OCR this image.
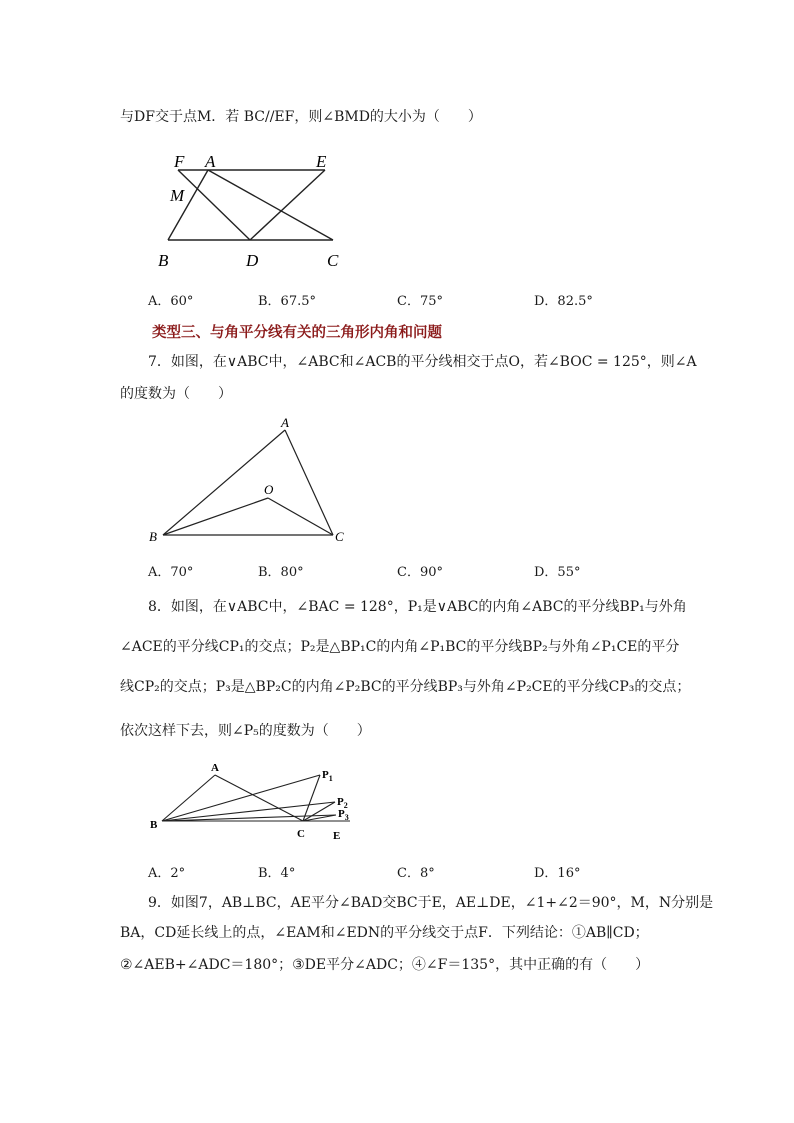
与DF交于点M．若 BC//EF，则∠BMD的大小为（　　）
F A	E
M
B	D	C
A．60°	B．67.5°	C．75°	D．82.5°
类型三、与角平分线有关的三角形内角和问题
7．如图，在∨ABC中，∠ABC和∠ACB的平分线相交于点O，若∠BOC = 125°，则∠A
的度数为（　　）
A
O
B	C
A．70°	B．80°	C．90°	D．55°
8．如图，在∨ABC中，∠BAC = 128°，P₁是∨ABC的内角∠ABC的平分线BP₁与外角
∠ACE的平分线CP₁的交点；P₂是△BP₁C的内角∠P₁BC的平分线BP₂与外角∠P₁CE的平分
线CP₂的交点；P₃是△BP₂C的内角∠P₂BC的平分线BP₃与外角∠P₂CE的平分线CP₃的交点；
依次这样下去，则∠P₅的度数为（　　）
A
$P_1$
$P_2$
$P_3$
B
C	E
A．2°	B．4°	C．8°	D．16°
9．如图7，AB⊥BC，AE平分∠BAD交BC于E，AE⊥DE，∠1+∠2＝90°，M，N分别是
BA，CD延长线上的点，∠EAM和∠EDN的平分线交于点F．下列结论：①AB∥CD；
②∠AEB+∠ADC＝180°；③DE平分∠ADC；④∠F＝135°，其中正确的有（　　）
